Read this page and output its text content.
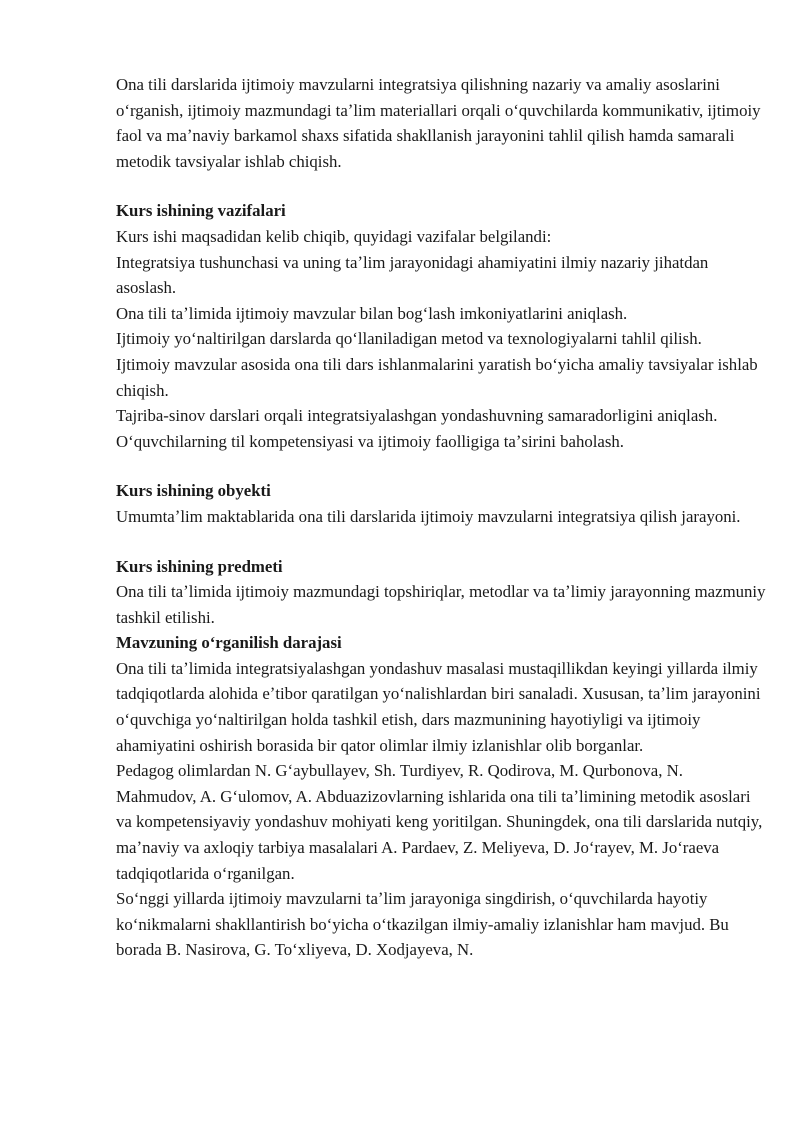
Ona tili darslarida ijtimoiy mavzularni integratsiya qilishning nazariy va amaliy asoslarini oʻrganish, ijtimoiy mazmundagi taʼlim materiallari orqali oʻquvchilarda kommunikativ, ijtimoiy faol va maʼnaviy barkamol shaxs sifatida shakllanish jarayonini tahlil qilish hamda samarali metodik tavsiyalar ishlab chiqish.

Kurs ishining vazifalari

Kurs ishi maqsadidan kelib chiqib, quyidagi vazifalar belgilandi:

Integratsiya tushunchasi va uning taʼlim jarayonidagi ahamiyatini ilmiy nazariy jihatdan asoslash.

Ona tili taʼlimida ijtimoiy mavzular bilan bogʻlash imkoniyatlarini aniqlash.

Ijtimoiy yoʻnaltirilgan darslarda qoʻllaniladigan metod va texnologiyalarni tahlil qilish.

Ijtimoiy mavzular asosida ona tili dars ishlanmalarini yaratish boʻyicha amaliy tavsiyalar ishlab chiqish.

Tajriba-sinov darslari orqali integratsiyalashgan yondashuvning samaradorligini aniqlash.

Oʻquvchilarning til kompetensiyasi va ijtimoiy faolligiga taʼsirini baholash.

Kurs ishining obyekti

Umumtaʼlim maktablarida ona tili darslarida ijtimoiy mavzularni integratsiya qilish jarayoni.

Kurs ishining predmeti

Ona tili taʼlimida ijtimoiy mazmundagi topshiriqlar, metodlar va taʼlimiy jarayonning mazmuniy tashkil etilishi.

Mavzuning oʻrganilish darajasi

Ona tili taʼlimida integratsiyalashgan yondashuv masalasi mustaqillikdan keyingi yillarda ilmiy tadqiqotlarda alohida eʼtibor qaratilgan yoʻnalishlardan biri sanaladi. Xususan, taʼlim jarayonini oʻquvchiga yoʻnaltirilgan holda tashkil etish, dars mazmunining hayotiyligi va ijtimoiy ahamiyatini oshirish borasida bir qator olimlar ilmiy izlanishlar olib borganlar.

Pedagog olimlardan N. Gʻaybullayev, Sh. Turdiyev, R. Qodirova, M. Qurbonova, N. Mahmudov, A. Gʻulomov, A. Abduazizovlarning ishlarida ona tili taʼlimining metodik asoslari va kompetensiyaviy yondashuv mohiyati keng yoritilgan. Shuningdek, ona tili darslarida nutqiy, maʼnaviy va axloqiy tarbiya masalalari A. Pardaev, Z. Meliyeva, D. Joʻrayev, M. Joʻraeva tadqiqotlarida oʻrganilgan.

Soʻnggi yillarda ijtimoiy mavzularni taʼlim jarayoniga singdirish, oʻquvchilarda hayotiy koʻnikmalarni shakllantirish boʻyicha oʻtkazilgan ilmiy-amaliy izlanishlar ham mavjud. Bu borada B. Nasirova, G. Toʻxliyeva, D. Xodjayeva, N.
